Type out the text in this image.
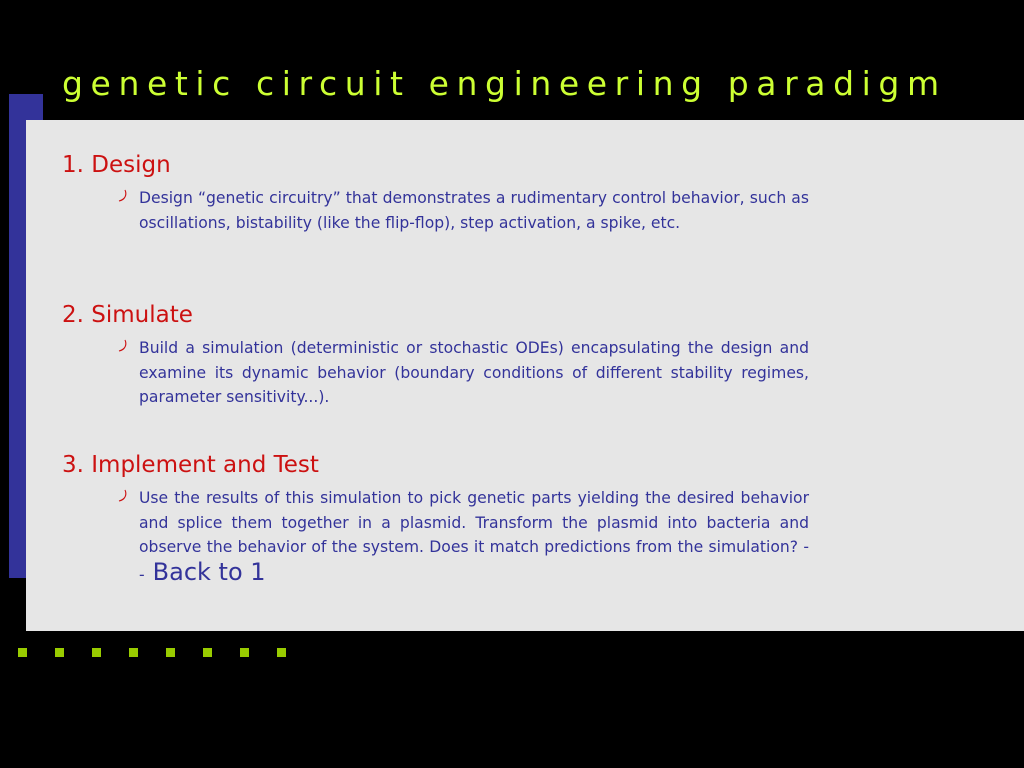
genetic circuit engineering paradigm
1. Design

Design “genetic circuitry” that demonstrates a rudimentary control behavior, such as oscillations, bistability (like the flip-flop), step activation, a spike, etc.

2. Simulate

Build a simulation (deterministic or stochastic ODEs) encapsulating the design and examine its dynamic behavior (boundary conditions of different stability regimes, parameter sensitivity...).

3. Implement and Test

Use the results of this simulation to pick genetic parts yielding the desired behavior and splice them together in a plasmid. Transform the plasmid into bacteria and observe the behavior of the system. Does it match predictions from the simulation? -- Back to 1
